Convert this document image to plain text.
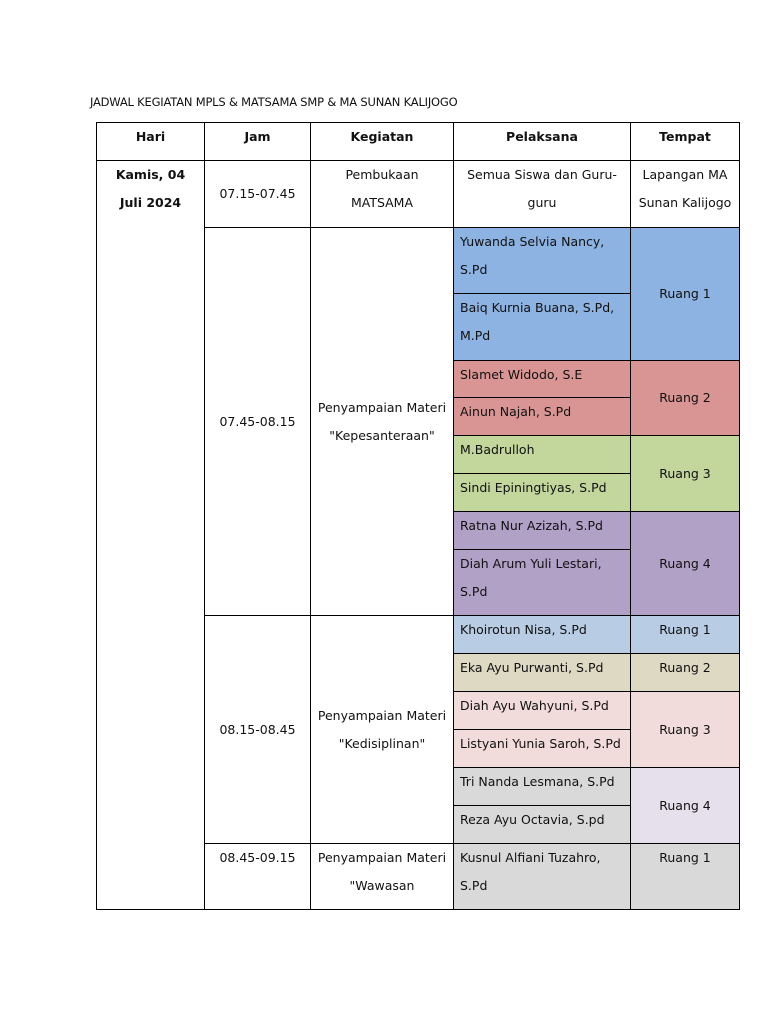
JADWAL KEGIATAN MPLS & MATSAMA SMP & MA SUNAN KALIJOGO
Hari	Jam	Kegiatan	Pelaksana	Tempat
Kamis, 04 Juli 2024	07.15-07.45	Pembukaan MATSAMA	Semua Siswa dan Guru-guru	Lapangan MA Sunan Kalijogo
	07.45-08.15	Penyampaian Materi "Kepesanteraan"	Yuwanda Selvia Nancy, S.Pd	Ruang 1
			Baiq Kurnia Buana, S.Pd, M.Pd	
			Slamet Widodo, S.E	Ruang 2
			Ainun Najah, S.Pd	
			M.Badrulloh	Ruang 3
			Sindi Epiningtiyas, S.Pd	
			Ratna Nur Azizah, S.Pd	Ruang 4
			Diah Arum Yuli Lestari, S.Pd	
	08.15-08.45	Penyampaian Materi "Kedisiplinan"	Khoirotun Nisa, S.Pd	Ruang 1
			Eka Ayu Purwanti, S.Pd	Ruang 2
			Diah Ayu Wahyuni, S.Pd	Ruang 3
			Listyani Yunia Saroh, S.Pd	
			Tri Nanda Lesmana, S.Pd	Ruang 4
			Reza Ayu Octavia, S.pd	
	08.45-09.15	Penyampaian Materi "Wawasan	Kusnul Alfiani Tuzahro, S.Pd	Ruang 1
